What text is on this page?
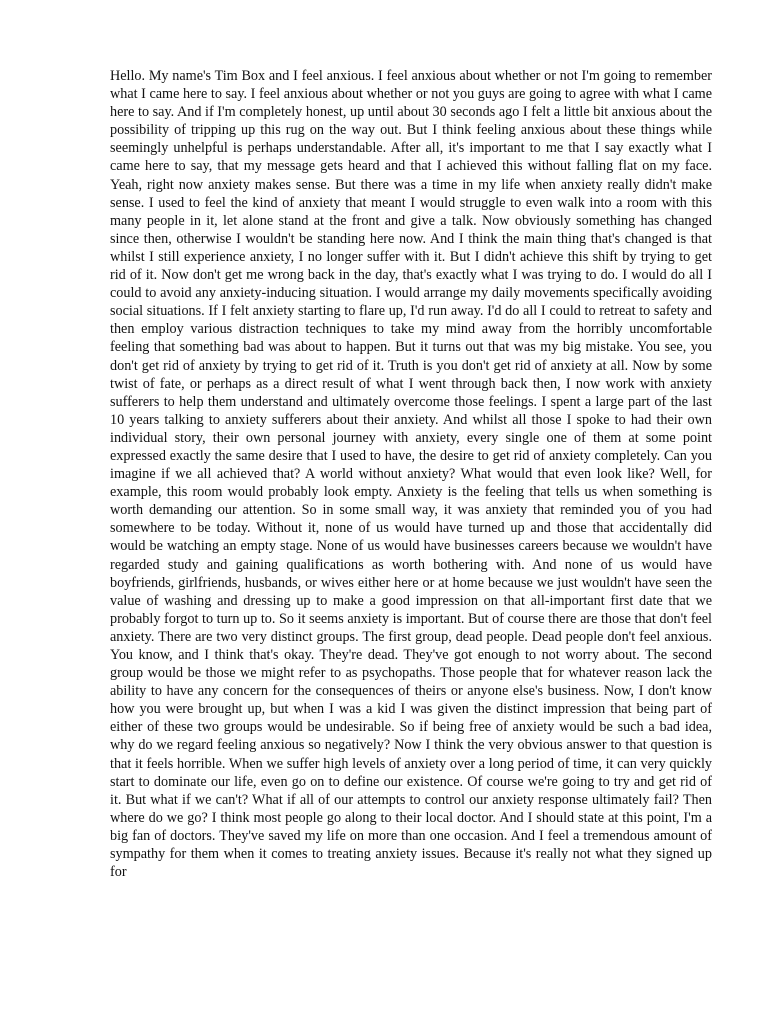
Hello. My name's Tim Box and I feel anxious. I feel anxious about whether or not I'm going to remember what I came here to say. I feel anxious about whether or not you guys are going to agree with what I came here to say. And if I'm completely honest, up until about 30 seconds ago I felt a little bit anxious about the possibility of tripping up this rug on the way out. But I think feeling anxious about these things while seemingly unhelpful is perhaps understandable. After all, it's important to me that I say exactly what I came here to say, that my message gets heard and that I achieved this without falling flat on my face. Yeah, right now anxiety makes sense. But there was a time in my life when anxiety really didn't make sense. I used to feel the kind of anxiety that meant I would struggle to even walk into a room with this many people in it, let alone stand at the front and give a talk. Now obviously something has changed since then, otherwise I wouldn't be standing here now. And I think the main thing that's changed is that whilst I still experience anxiety, I no longer suffer with it. But I didn't achieve this shift by trying to get rid of it. Now don't get me wrong back in the day, that's exactly what I was trying to do. I would do all I could to avoid any anxiety-inducing situation. I would arrange my daily movements specifically avoiding social situations. If I felt anxiety starting to flare up, I'd run away. I'd do all I could to retreat to safety and then employ various distraction techniques to take my mind away from the horribly uncomfortable feeling that something bad was about to happen. But it turns out that was my big mistake. You see, you don't get rid of anxiety by trying to get rid of it. Truth is you don't get rid of anxiety at all. Now by some twist of fate, or perhaps as a direct result of what I went through back then, I now work with anxiety sufferers to help them understand and ultimately overcome those feelings. I spent a large part of the last 10 years talking to anxiety sufferers about their anxiety. And whilst all those I spoke to had their own individual story, their own personal journey with anxiety, every single one of them at some point expressed exactly the same desire that I used to have, the desire to get rid of anxiety completely. Can you imagine if we all achieved that? A world without anxiety? What would that even look like? Well, for example, this room would probably look empty. Anxiety is the feeling that tells us when something is worth demanding our attention. So in some small way, it was anxiety that reminded you of you had somewhere to be today. Without it, none of us would have turned up and those that accidentally did would be watching an empty stage. None of us would have businesses careers because we wouldn't have regarded study and gaining qualifications as worth bothering with. And none of us would have boyfriends, girlfriends, husbands, or wives either here or at home because we just wouldn't have seen the value of washing and dressing up to make a good impression on that all-important first date that we probably forgot to turn up to. So it seems anxiety is important. But of course there are those that don't feel anxiety. There are two very distinct groups. The first group, dead people. Dead people don't feel anxious. You know, and I think that's okay. They're dead. They've got enough to not worry about. The second group would be those we might refer to as psychopaths. Those people that for whatever reason lack the ability to have any concern for the consequences of theirs or anyone else's business. Now, I don't know how you were brought up, but when I was a kid I was given the distinct impression that being part of either of these two groups would be undesirable. So if being free of anxiety would be such a bad idea, why do we regard feeling anxious so negatively? Now I think the very obvious answer to that question is that it feels horrible. When we suffer high levels of anxiety over a long period of time, it can very quickly start to dominate our life, even go on to define our existence. Of course we're going to try and get rid of it. But what if we can't? What if all of our attempts to control our anxiety response ultimately fail? Then where do we go? I think most people go along to their local doctor. And I should state at this point, I'm a big fan of doctors. They've saved my life on more than one occasion. And I feel a tremendous amount of sympathy for them when it comes to treating anxiety issues. Because it's really not what they signed up for
